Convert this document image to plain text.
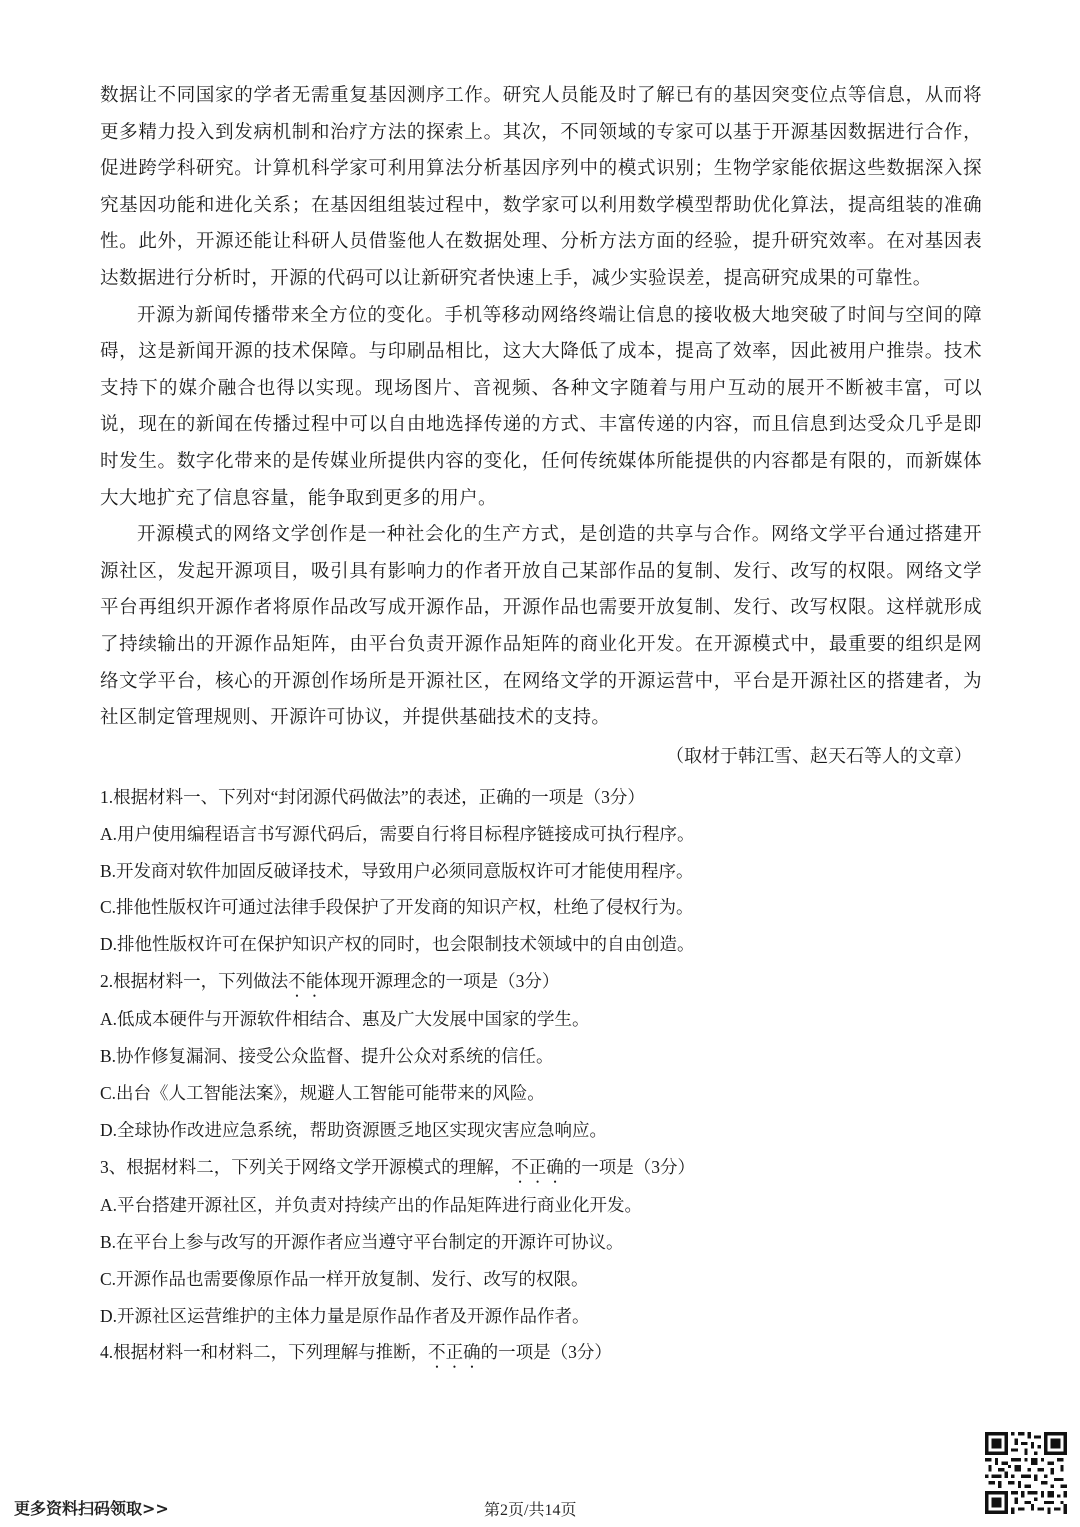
数据让不同国家的学者无需重复基因测序工作。研究人员能及时了解已有的基因突变位点等信息，从而将更多精力投入到发病机制和治疗方法的探索上。其次，不同领域的专家可以基于开源基因数据进行合作，促进跨学科研究。计算机科学家可利用算法分析基因序列中的模式识别；生物学家能依据这些数据深入探究基因功能和进化关系；在基因组组装过程中，数学家可以利用数学模型帮助优化算法，提高组装的准确性。此外，开源还能让科研人员借鉴他人在数据处理、分析方法方面的经验，提升研究效率。在对基因表达数据进行分析时，开源的代码可以让新研究者快速上手，减少实验误差，提高研究成果的可靠性。

开源为新闻传播带来全方位的变化。手机等移动网络终端让信息的接收极大地突破了时间与空间的障碍，这是新闻开源的技术保障。与印刷品相比，这大大降低了成本，提高了效率，因此被用户推崇。技术支持下的媒介融合也得以实现。现场图片、音视频、各种文字随着与用户互动的展开不断被丰富，可以说，现在的新闻在传播过程中可以自由地选择传递的方式、丰富传递的内容，而且信息到达受众几乎是即时发生。数字化带来的是传媒业所提供内容的变化，任何传统媒体所能提供的内容都是有限的，而新媒体大大地扩充了信息容量，能争取到更多的用户。

开源模式的网络文学创作是一种社会化的生产方式，是创造的共享与合作。网络文学平台通过搭建开源社区，发起开源项目，吸引具有影响力的作者开放自己某部作品的复制、发行、改写的权限。网络文学平台再组织开源作者将原作品改写成开源作品，开源作品也需要开放复制、发行、改写权限。这样就形成了持续输出的开源作品矩阵，由平台负责开源作品矩阵的商业化开发。在开源模式中，最重要的组织是网络文学平台，核心的开源创作场所是开源社区，在网络文学的开源运营中，平台是开源社区的搭建者，为社区制定管理规则、开源许可协议，并提供基础技术的支持。

（取材于韩江雪、赵天石等人的文章）

1.根据材料一、下列对“封闭源代码做法”的表述，正确的一项是（3分）

A.用户使用编程语言书写源代码后，需要自行将目标程序链接成可执行程序。

B.开发商对软件加固反破译技术，导致用户必须同意版权许可才能使用程序。

C.排他性版权许可通过法律手段保护了开发商的知识产权，杜绝了侵权行为。

D.排他性版权许可在保护知识产权的同时，也会限制技术领域中的自由创造。

2.根据材料一，下列做法不能体现开源理念的一项是（3分）

A.低成本硬件与开源软件相结合、惠及广大发展中国家的学生。

B.协作修复漏洞、接受公众监督、提升公众对系统的信任。

C.出台《人工智能法案》，规避人工智能可能带来的风险。

D.全球协作改进应急系统，帮助资源匮乏地区实现灾害应急响应。

3、根据材料二，下列关于网络文学开源模式的理解，不正确的一项是（3分）

A.平台搭建开源社区，并负责对持续产出的作品矩阵进行商业化开发。

B.在平台上参与改写的开源作者应当遵守平台制定的开源许可协议。

C.开源作品也需要像原作品一样开放复制、发行、改写的权限。

D.开源社区运营维护的主体力量是原作品作者及开源作品作者。

4.根据材料一和材料二，下列理解与推断，不正确的一项是（3分）

更多资料扫码领取>>	第2页/共14页
